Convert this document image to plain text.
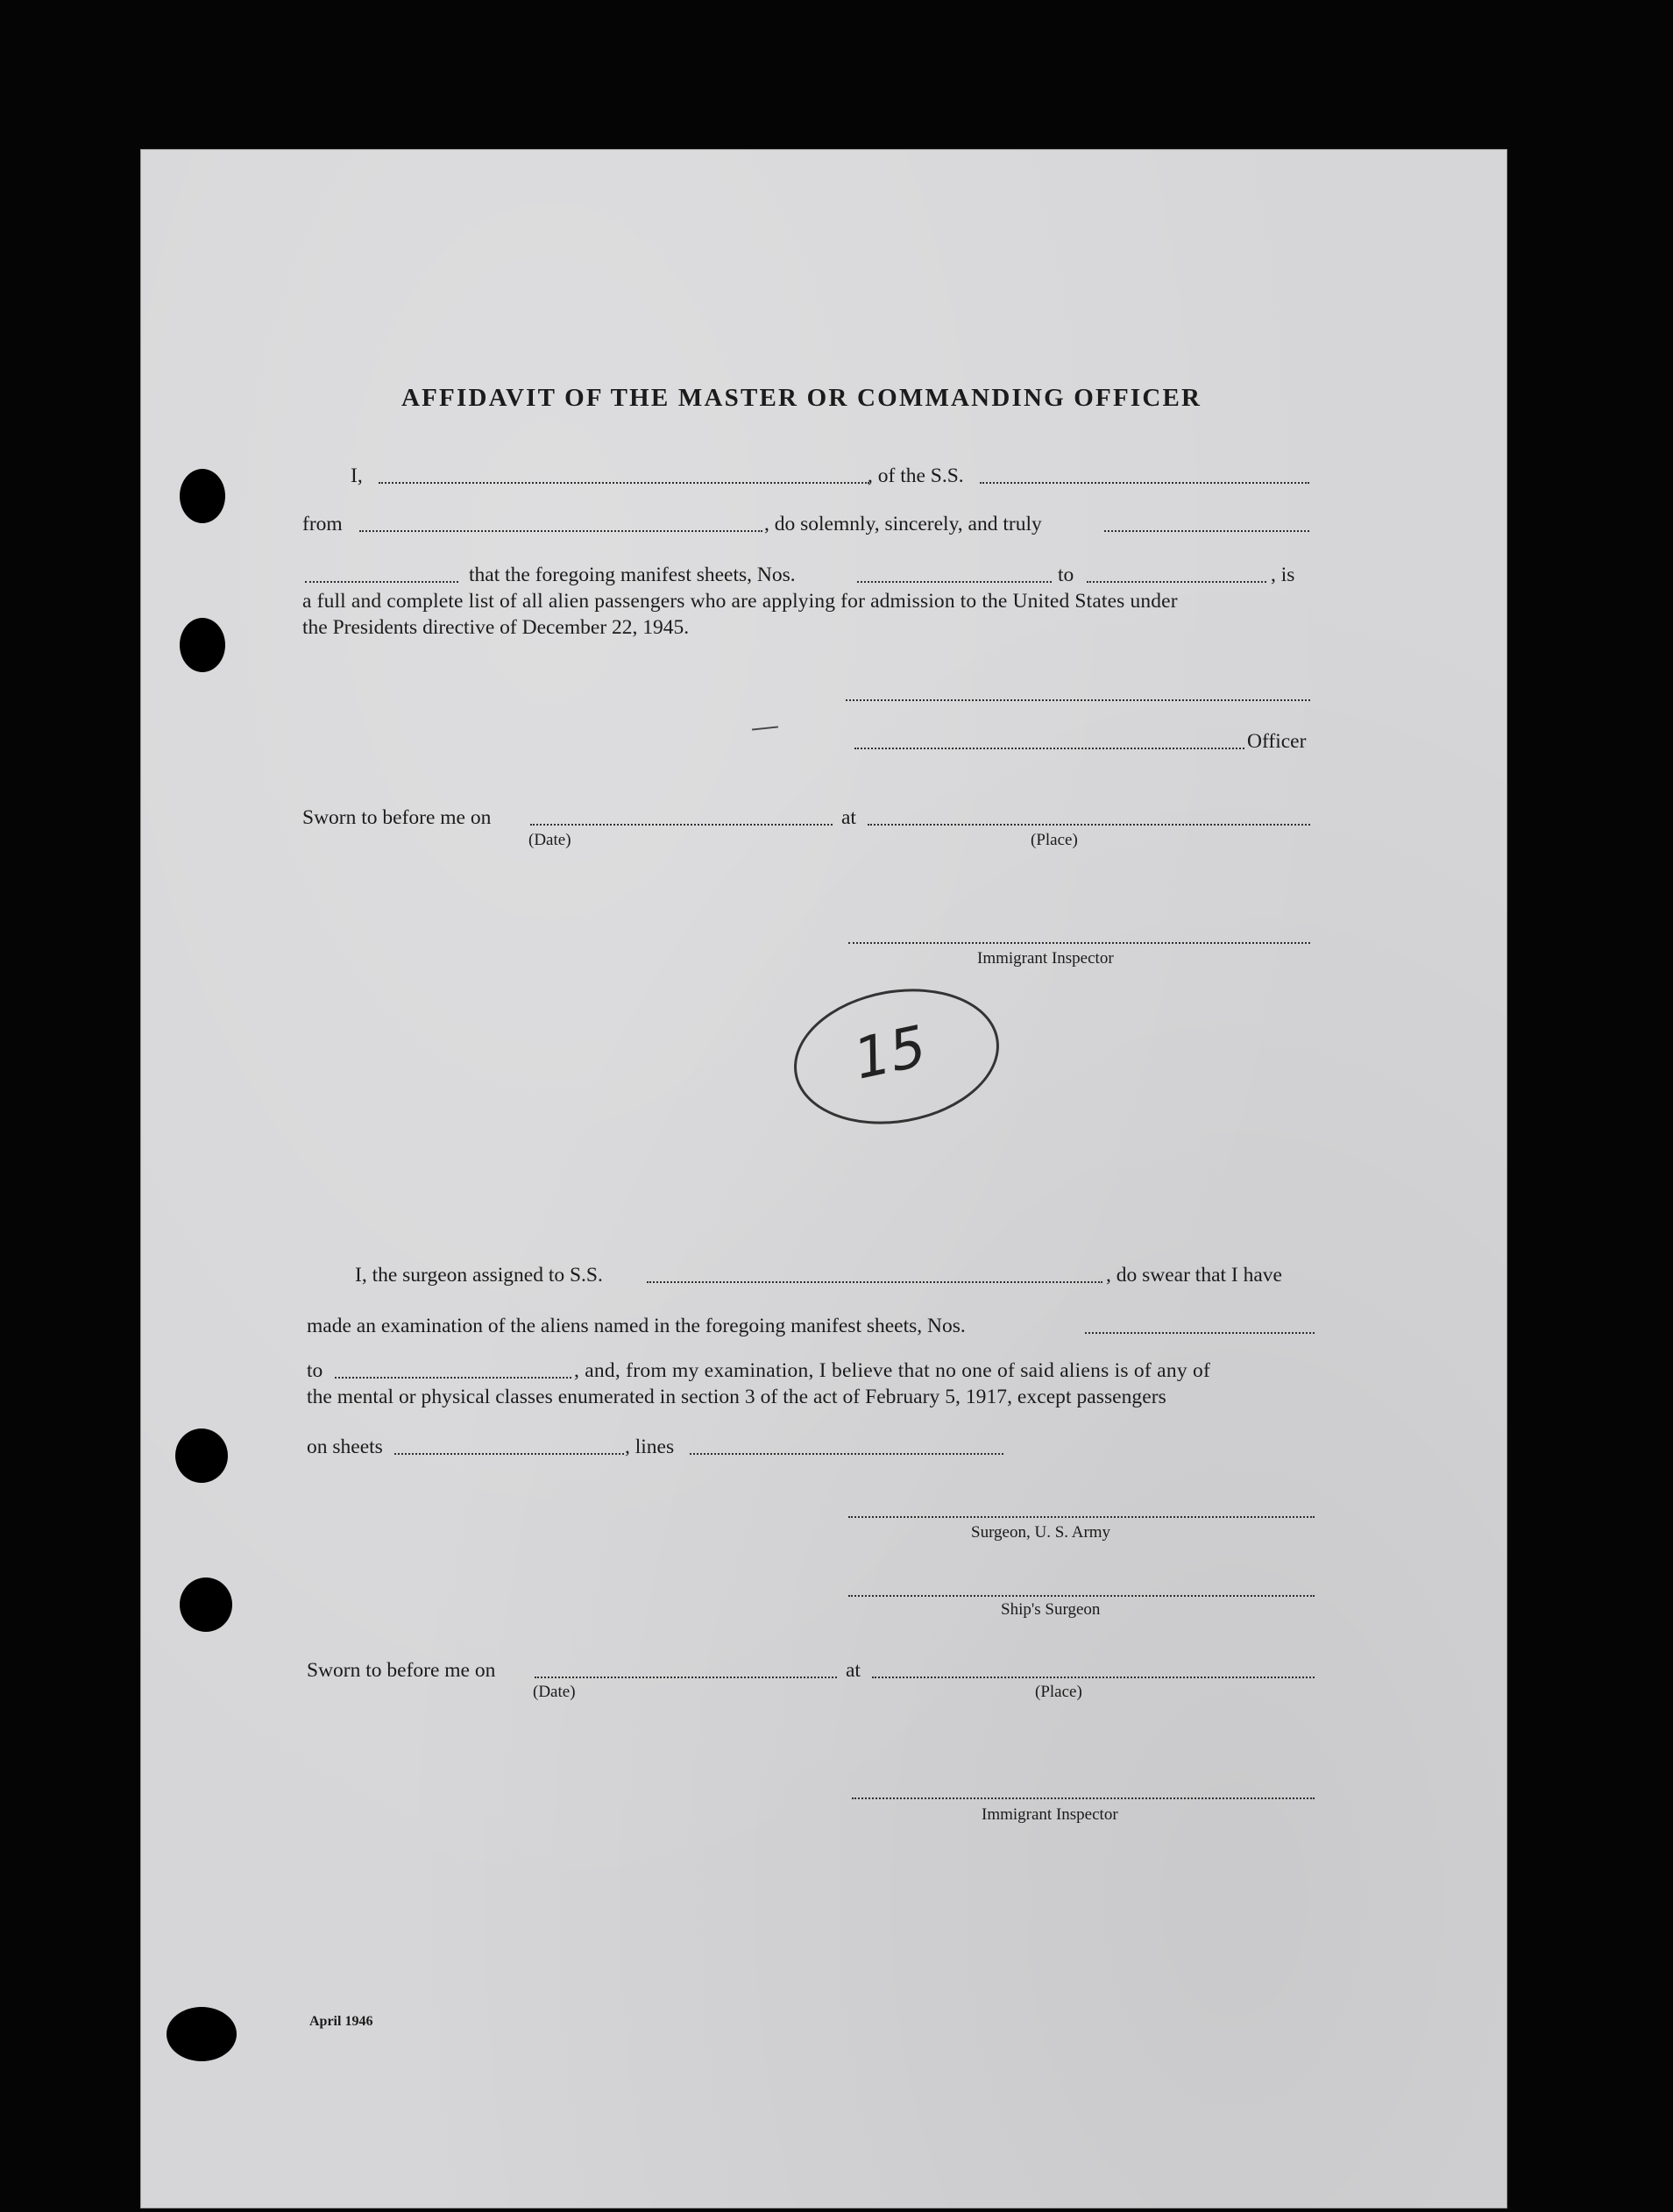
AFFIDAVIT OF THE MASTER OR COMMANDING OFFICER
I,	, of the S.S.
from	, do solemnly, sincerely, and truly
that the foregoing manifest sheets, Nos.	to	, is
a full and complete list of all alien passengers who are applying for admission to the United States under
the Presidents directive of December 22, 1945.
Officer
Sworn to before me on	at
(Date)	(Place)
Immigrant Inspector
15
I, the surgeon assigned to S.S.	, do swear that I have
made an examination of the aliens named in the foregoing manifest sheets, Nos.
to	, and, from my examination, I believe that no one of said aliens is of any of
the mental or physical classes enumerated in section 3 of the act of February 5, 1917, except passengers
on sheets	, lines
Surgeon, U. S. Army
Ship's Surgeon
Sworn to before me on	at
(Date)	(Place)
Immigrant Inspector
April 1946
